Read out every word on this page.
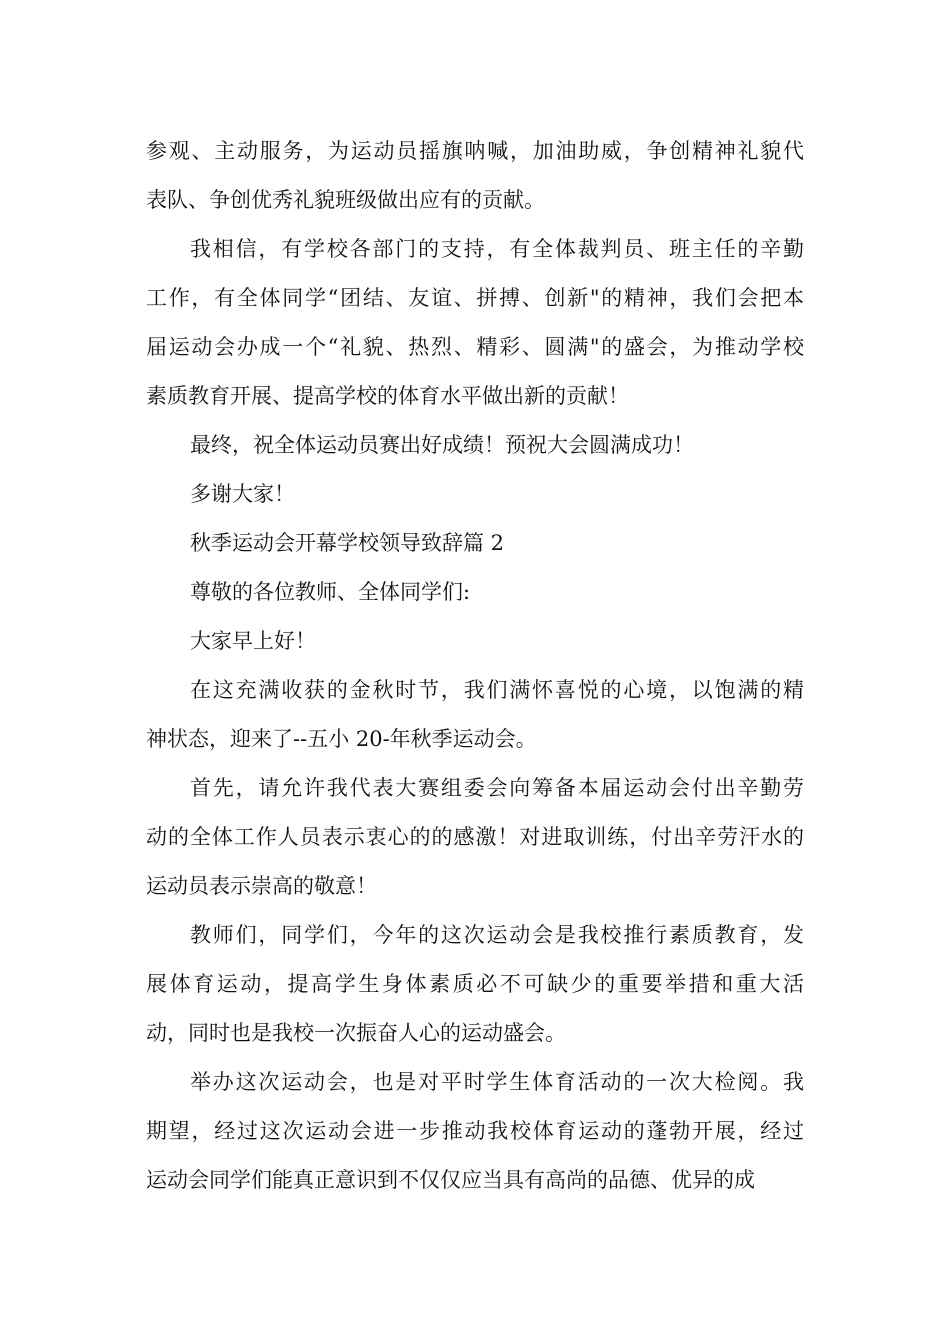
参观、主动服务，为运动员摇旗呐喊，加油助威，争创精神礼貌代
表队、争创优秀礼貌班级做出应有的贡献。
我相信，有学校各部门的支持，有全体裁判员、班主任的辛勤
工作，有全体同学“团结、友谊、拼搏、创新"的精神，我们会把本
届运动会办成一个“礼貌、热烈、精彩、圆满"的盛会，为推动学校
素质教育开展、提高学校的体育水平做出新的贡献！
最终，祝全体运动员赛出好成绩！预祝大会圆满成功！
多谢大家！
秋季运动会开幕学校领导致辞篇 2
尊敬的各位教师、全体同学们:
大家早上好！
在这充满收获的金秋时节，我们满怀喜悦的心境，以饱满的精
神状态，迎来了--五小 20-年秋季运动会。
首先，请允许我代表大赛组委会向筹备本届运动会付出辛勤劳
动的全体工作人员表示衷心的的感激！对进取训练，付出辛劳汗水的
运动员表示崇高的敬意！
教师们，同学们，今年的这次运动会是我校推行素质教育，发
展体育运动，提高学生身体素质必不可缺少的重要举措和重大活
动，同时也是我校一次振奋人心的运动盛会。
举办这次运动会，也是对平时学生体育活动的一次大检阅。我
期望，经过这次运动会进一步推动我校体育运动的蓬勃开展，经过
运动会同学们能真正意识到不仅仅应当具有高尚的品德、优异的成
